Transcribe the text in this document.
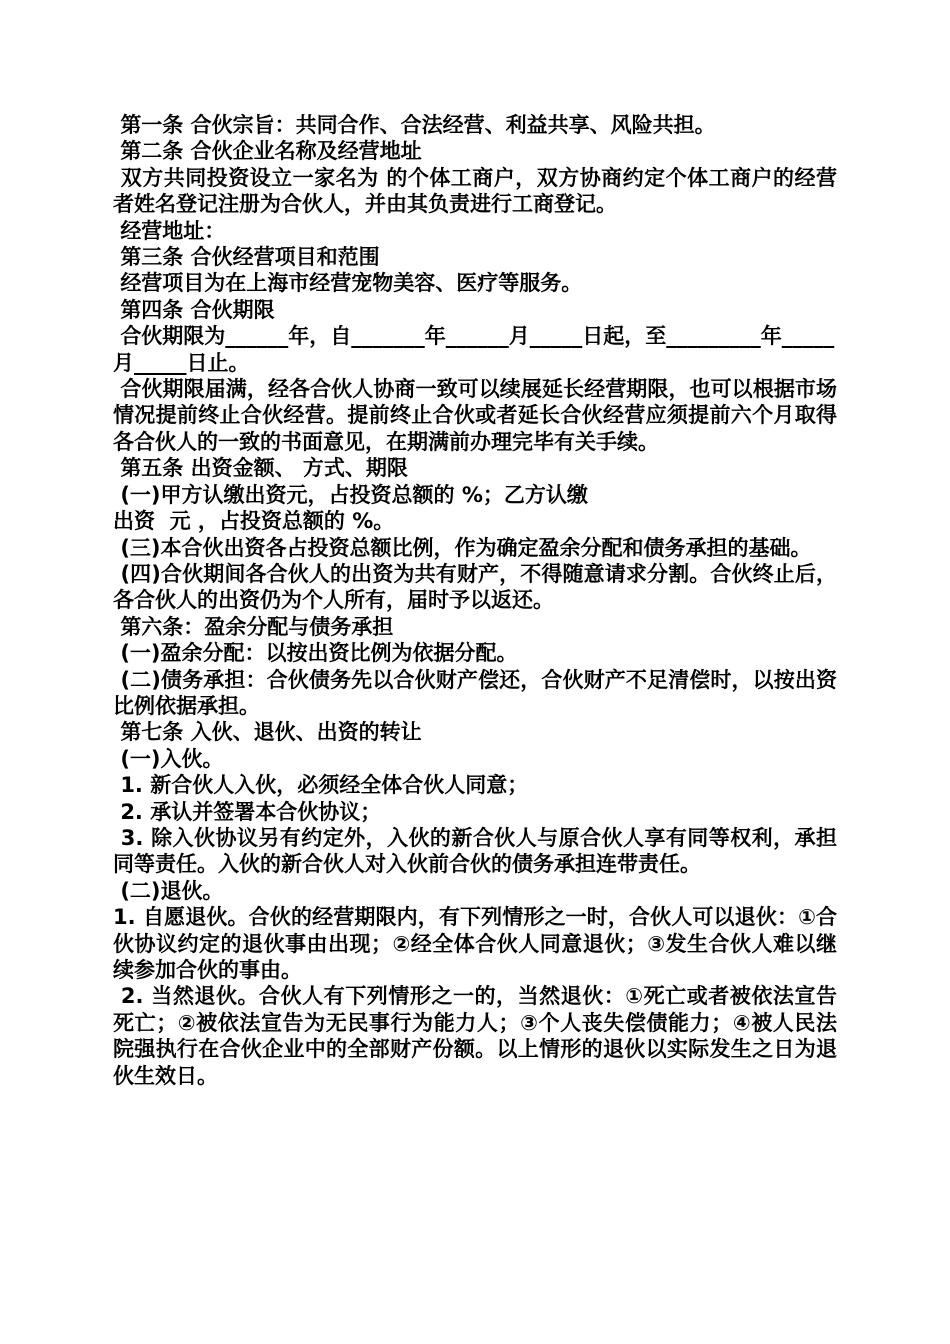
第一条 合伙宗旨：共同合作、合法经营、利益共享、风险共担。

第二条 合伙企业名称及经营地址

双方共同投资设立一家名为 的个体工商户，双方协商约定个体工商户的经营者姓名登记注册为合伙人，并由其负责进行工商登记。

经营地址：

第三条 合伙经营项目和范围

经营项目为在上海市经营宠物美容、医疗等服务。

第四条 合伙期限

合伙期限为______年，自_______年______月_____日起，至_________年_____月_____日止。

合伙期限届满，经各合伙人协商一致可以续展延长经营期限，也可以根据市场情况提前终止合伙经营。提前终止合伙或者延长合伙经营应须提前六个月取得各合伙人的一致的书面意见，在期满前办理完毕有关手续。

第五条 出资金额、 方式、期限

(一)甲方认缴出资元，占投资总额的 %；乙方认缴

出资  元 ，占投资总额的 %。

(三)本合伙出资各占投资总额比例，作为确定盈余分配和债务承担的基础。

(四)合伙期间各合伙人的出资为共有财产，不得随意请求分割。合伙终止后，各合伙人的出资仍为个人所有，届时予以返还。

第六条：盈余分配与债务承担

(一)盈余分配：以按出资比例为依据分配。

(二)债务承担：合伙债务先以合伙财产偿还，合伙财产不足清偿时，以按出资比例依据承担。

第七条 入伙、退伙、出资的转让

(一)入伙。

1. 新合伙人入伙，必须经全体合伙人同意；

2. 承认并签署本合伙协议；

3. 除入伙协议另有约定外，入伙的新合伙人与原合伙人享有同等权利，承担同等责任。入伙的新合伙人对入伙前合伙的债务承担连带责任。

(二)退伙。

1. 自愿退伙。合伙的经营期限内，有下列情形之一时，合伙人可以退伙：①合伙协议约定的退伙事由出现；②经全体合伙人同意退伙；③发生合伙人难以继续参加合伙的事由。

2. 当然退伙。合伙人有下列情形之一的，当然退伙：①死亡或者被依法宣告死亡；②被依法宣告为无民事行为能力人；③个人丧失偿债能力；④被人民法院强执行在合伙企业中的全部财产份额。以上情形的退伙以实际发生之日为退伙生效日。
